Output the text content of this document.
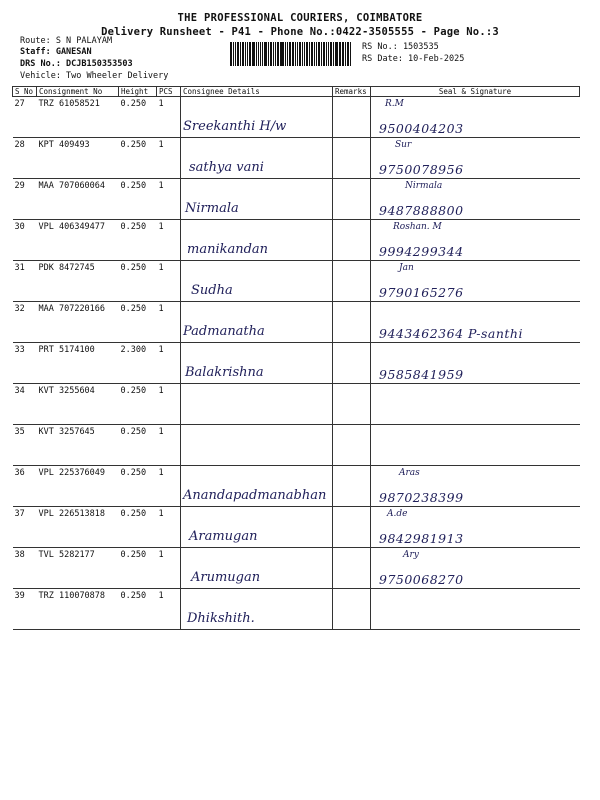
THE PROFESSIONAL COURIERS, COIMBATORE
Delivery Runsheet - P41 - Phone No.:0422-3505555 - Page No.:3
Route: S N PALAYAM
Staff: GANESAN
DRS No.: DCJB150353503
Vehicle: Two Wheeler Delivery
RS No.: 1503535
RS Date: 10-Feb-2025
S No	Consignment No	Height	PCS	Consignee Details	Remarks	Seal & Signature
27	TRZ 61058521	0.250	1	Sreekanthi H/w		R.M
9500404203

28	KPT 409493	0.250	1	sathya vani		Sur
9750078956

29	MAA 707060064	0.250	1	Nirmala		Nirmala
9487888800

30	VPL 406349477	0.250	1	manikandan		Roshan. M
9994299344

31	PDK 8472745	0.250	1	Sudha		Jan
9790165276

32	MAA 707220166	0.250	1	Padmanatha		9443462364 P-santhi

33	PRT 5174100	2.300	1	Balakrishna		9585841959

34	KVT 3255604	0.250	1	

35	KVT 3257645	0.250	1	

36	VPL 225376049	0.250	1	Anandapadmanabhan		Aras
9870238399

37	VPL 226513818	0.250	1	Aramugan		A.de
9842981913

38	TVL 5282177	0.250	1	Arumugan		Ary
9750068270

39	TRZ 110070878	0.250	1	Dhikshith.		
